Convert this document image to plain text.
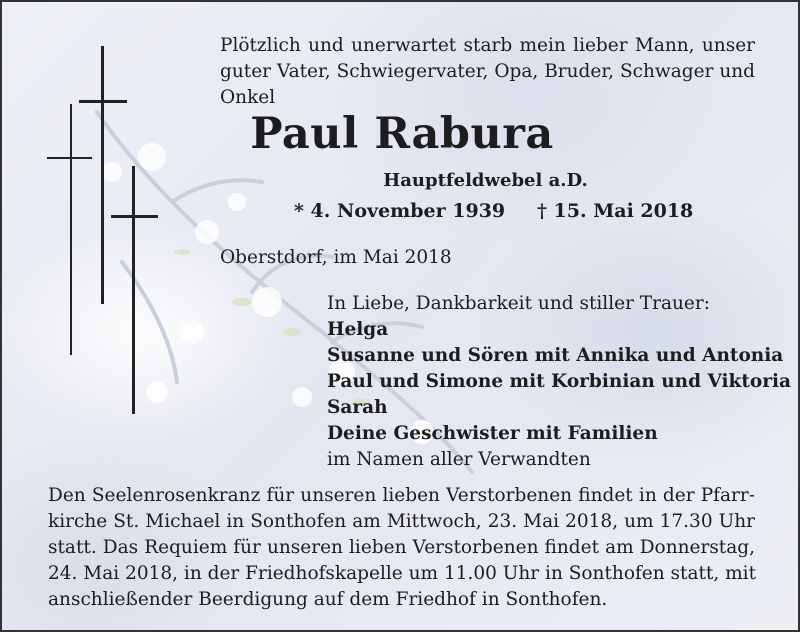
Plötzlich und unerwartet starb mein lieber Mann, unser
guter Vater, Schwiegervater, Opa, Bruder, Schwager und
Onkel
Paul Rabura
Hauptfeldwebel a.D.
* 4. November 1939 † 15. Mai 2018
Oberstdorf, im Mai 2018
In Liebe, Dankbarkeit und stiller Trauer:
Helga
Susanne und Sören mit Annika und Antonia
Paul und Simone mit Korbinian und Viktoria
Sarah
Deine Geschwister mit Familien
im Namen aller Verwandten
Den Seelenrosenkranz für unseren lieben Verstorbenen findet in der Pfarr-
kirche St. Michael in Sonthofen am Mittwoch, 23. Mai 2018, um 17.30 Uhr
statt. Das Requiem für unseren lieben Verstorbenen findet am Donnerstag,
24. Mai 2018, in der Friedhofskapelle um 11.00 Uhr in Sonthofen statt, mit
anschließender Beerdigung auf dem Friedhof in Sonthofen.
